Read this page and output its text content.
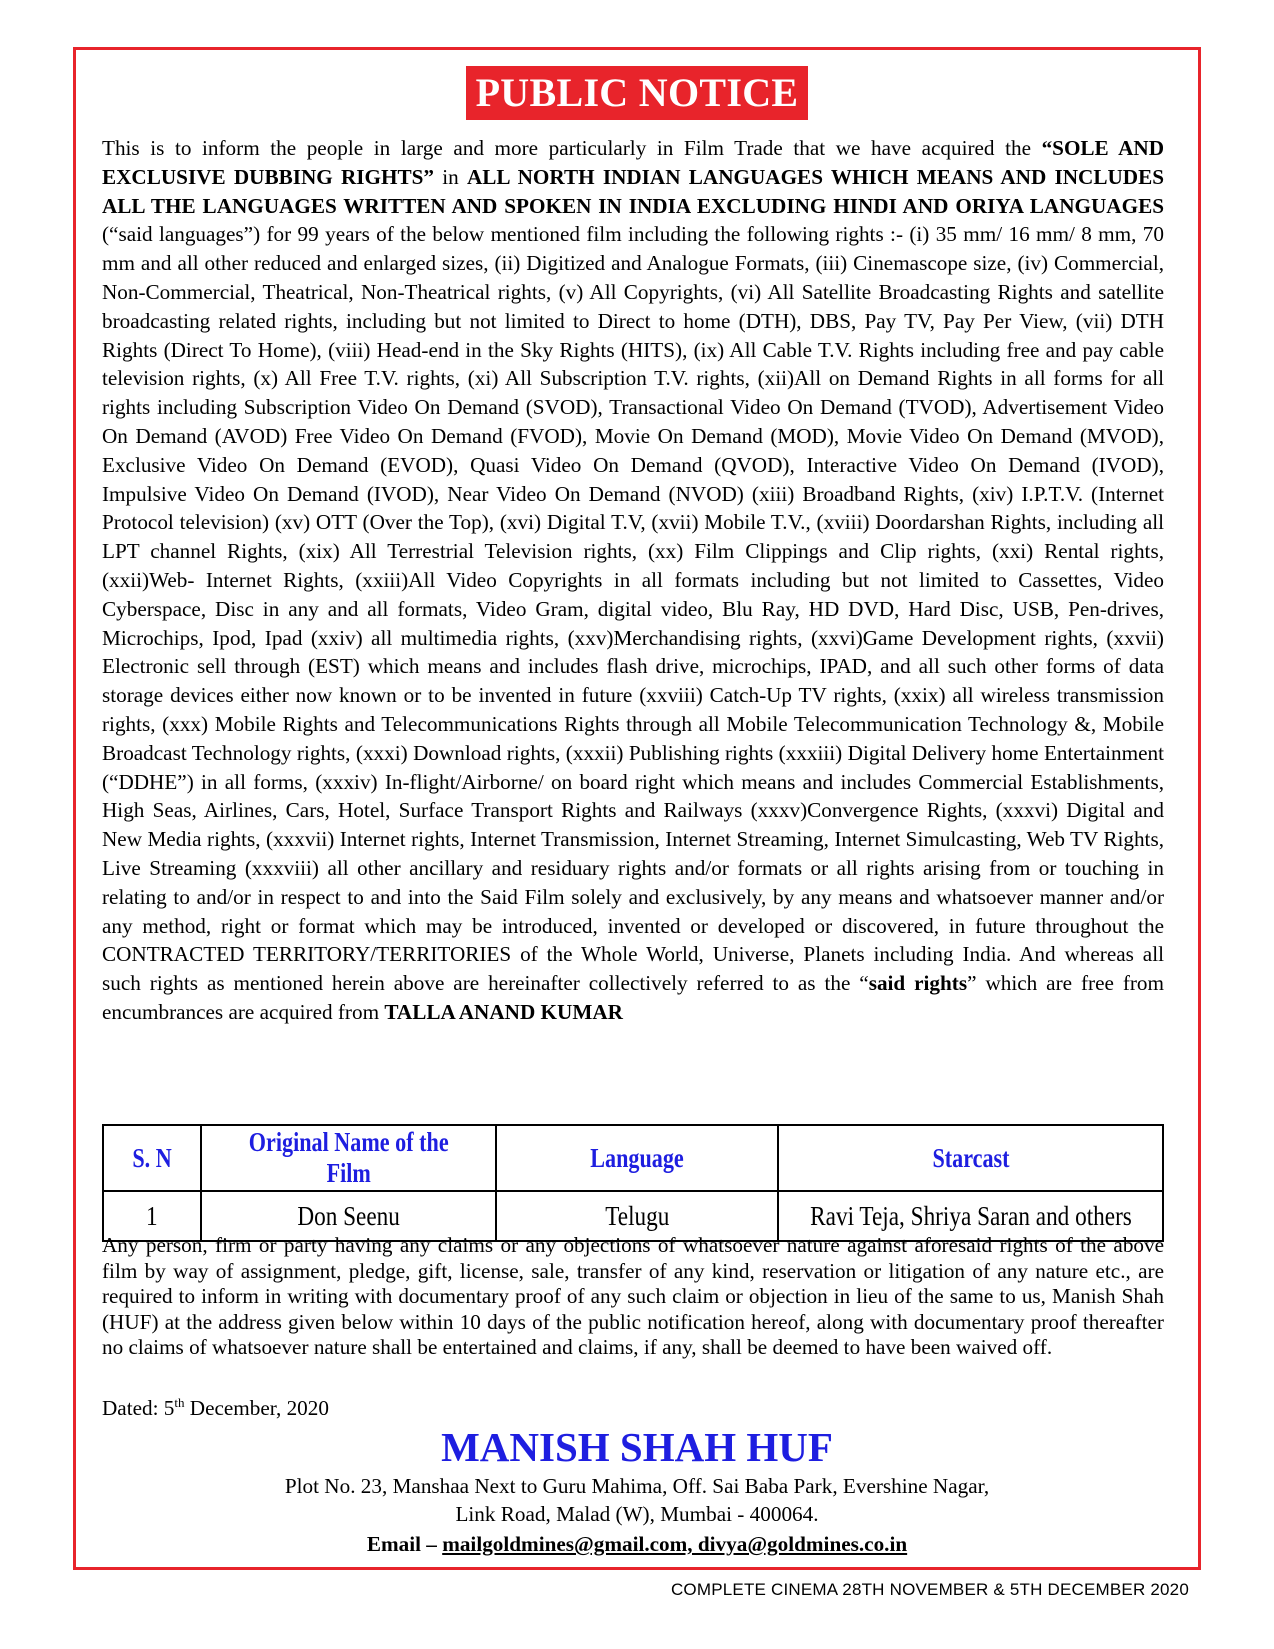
PUBLIC NOTICE
This is to inform the people in large and more particularly in Film Trade that we have acquired the “SOLE AND EXCLUSIVE DUBBING RIGHTS” in ALL NORTH INDIAN LANGUAGES WHICH MEANS AND INCLUDES ALL THE LANGUAGES WRITTEN AND SPOKEN IN INDIA EXCLUDING HINDI AND ORIYA LANGUAGES (“said languages”) for 99 years of the below mentioned film including the following rights :- (i) 35 mm/ 16 mm/ 8 mm, 70 mm and all other reduced and enlarged sizes, (ii) Digitized and Analogue Formats, (iii) Cinemascope size, (iv) Commercial, Non-Commercial, Theatrical, Non-Theatrical rights, (v) All Copyrights, (vi) All Satellite Broadcasting Rights and satellite broadcasting related rights, including but not limited to Direct to home (DTH), DBS, Pay TV, Pay Per View, (vii) DTH Rights (Direct To Home), (viii) Head-end in the Sky Rights (HITS), (ix) All Cable T.V. Rights including free and pay cable television rights, (x) All Free T.V. rights, (xi) All Subscription T.V. rights, (xii)All on Demand Rights in all forms for all rights including Subscription Video On Demand (SVOD), Transactional Video On Demand (TVOD), Advertisement Video On Demand (AVOD) Free Video On Demand (FVOD), Movie On Demand (MOD), Movie Video On Demand (MVOD), Exclusive Video On Demand (EVOD), Quasi Video On Demand (QVOD), Interactive Video On Demand (IVOD), Impulsive Video On Demand (IVOD), Near Video On Demand (NVOD) (xiii) Broadband Rights, (xiv) I.P.T.V. (Internet Protocol television) (xv) OTT (Over the Top), (xvi) Digital T.V, (xvii) Mobile T.V., (xviii) Doordarshan Rights, including all LPT channel Rights, (xix) All Terrestrial Television rights, (xx) Film Clippings and Clip rights, (xxi) Rental rights, (xxii)Web- Internet Rights, (xxiii)All Video Copyrights in all formats including but not limited to Cassettes, Video Cyberspace, Disc in any and all formats, Video Gram, digital video, Blu Ray, HD DVD, Hard Disc, USB, Pen-drives, Microchips, Ipod, Ipad (xxiv) all multimedia rights, (xxv)Merchandising rights, (xxvi)Game Development rights, (xxvii) Electronic sell through (EST) which means and includes flash drive, microchips, IPAD, and all such other forms of data storage devices either now known or to be invented in future (xxviii) Catch-Up TV rights, (xxix) all wireless transmission rights, (xxx) Mobile Rights and Telecommunications Rights through all Mobile Telecommunication Technology &, Mobile Broadcast Technology rights, (xxxi) Download rights, (xxxii) Publishing rights (xxxiii) Digital Delivery home Entertainment (“DDHE”) in all forms, (xxxiv) In-flight/Airborne/ on board right which means and includes Commercial Establishments, High Seas, Airlines, Cars, Hotel, Surface Transport Rights and Railways (xxxv)Convergence Rights, (xxxvi) Digital and New Media rights, (xxxvii) Internet rights, Internet Transmission, Internet Streaming, Internet Simulcasting, Web TV Rights, Live Streaming (xxxviii) all other ancillary and residuary rights and/or formats or all rights arising from or touching in relating to and/or in respect to and into the Said Film solely and exclusively, by any means and whatsoever manner and/or any method, right or format which may be introduced, invented or developed or discovered, in future throughout the CONTRACTED TERRITORY/TERRITORIES of the Whole World, Universe, Planets including India. And whereas all such rights as mentioned herein above are hereinafter collectively referred to as the “said rights” which are free from encumbrances are acquired from TALLA ANAND KUMAR
S. N	Original Name of the Film	Language	Starcast
1	Don Seenu	Telugu	Ravi Teja, Shriya Saran and others
Any person, firm or party having any claims or any objections of whatsoever nature against aforesaid rights of the above film by way of assignment, pledge, gift, license, sale, transfer of any kind, reservation or litigation of any nature etc., are required to inform in writing with documentary proof of any such claim or objection in lieu of the same to us, Manish Shah (HUF) at the address given below within 10 days of the public notification hereof, along with documentary proof thereafter no claims of whatsoever nature shall be entertained and claims, if any, shall be deemed to have been waived off.
Dated: 5th December, 2020
MANISH SHAH HUF
Plot No. 23, Manshaa Next to Guru Mahima, Off. Sai Baba Park, Evershine Nagar,
Link Road, Malad (W), Mumbai - 400064.
Email – mailgoldmines@gmail.com, divya@goldmines.co.in
COMPLETE CINEMA 28TH NOVEMBER & 5TH DECEMBER 2020
